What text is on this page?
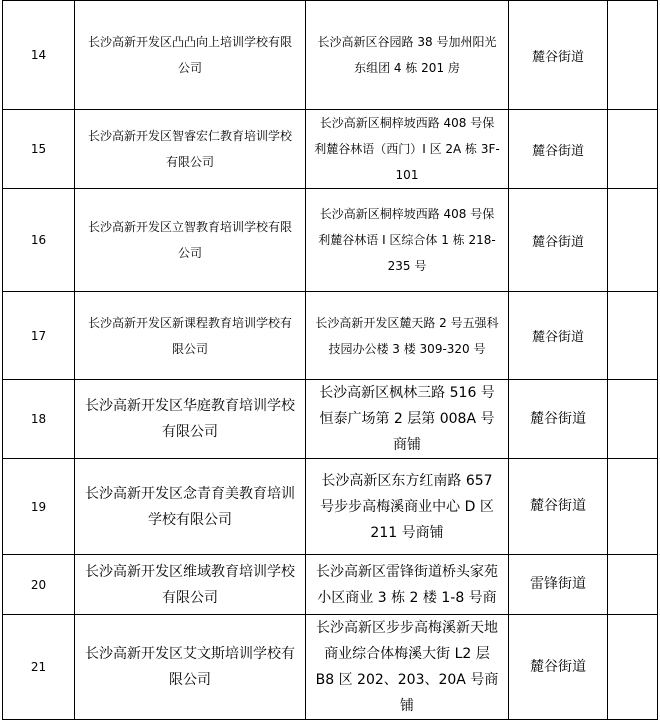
14	长沙高新开发区凸凸向上培训学校有限公司	长沙高新区谷园路 38 号加州阳光东组团 4 栋 201 房	麓谷街道	
15	长沙高新开发区智睿宏仁教育培训学校有限公司	长沙高新区桐梓坡西路 408 号保利麓谷林语（西门）I 区 2A 栋 3F-101	麓谷街道	
16	长沙高新开发区立智教育培训学校有限公司	长沙高新区桐梓坡西路 408 号保利麓谷林语 I 区综合体 1 栋 218-235 号	麓谷街道	
17	长沙高新开发区新课程教育培训学校有限公司	长沙高新开发区麓天路 2 号五强科技园办公楼 3 楼 309-320 号	麓谷街道	
18	长沙高新开发区华庭教育培训学校有限公司	长沙高新区枫林三路 516 号恒泰广场第 2 层第 008A 号商铺	麓谷街道	
19	长沙高新开发区念青育美教育培训学校有限公司	长沙高新区东方红南路 657 号步步高梅溪商业中心 D 区 211 号商铺	麓谷街道	
20	长沙高新开发区维域教育培训学校有限公司	长沙高新区雷锋街道桥头家苑小区商业 3 栋 2 楼 1-8 号商	雷锋街道	
21	长沙高新开发区艾文斯培训学校有限公司	长沙高新区步步高梅溪新天地商业综合体梅溪大街 L2 层 B8 区 202、203、20A 号商铺	麓谷街道	
